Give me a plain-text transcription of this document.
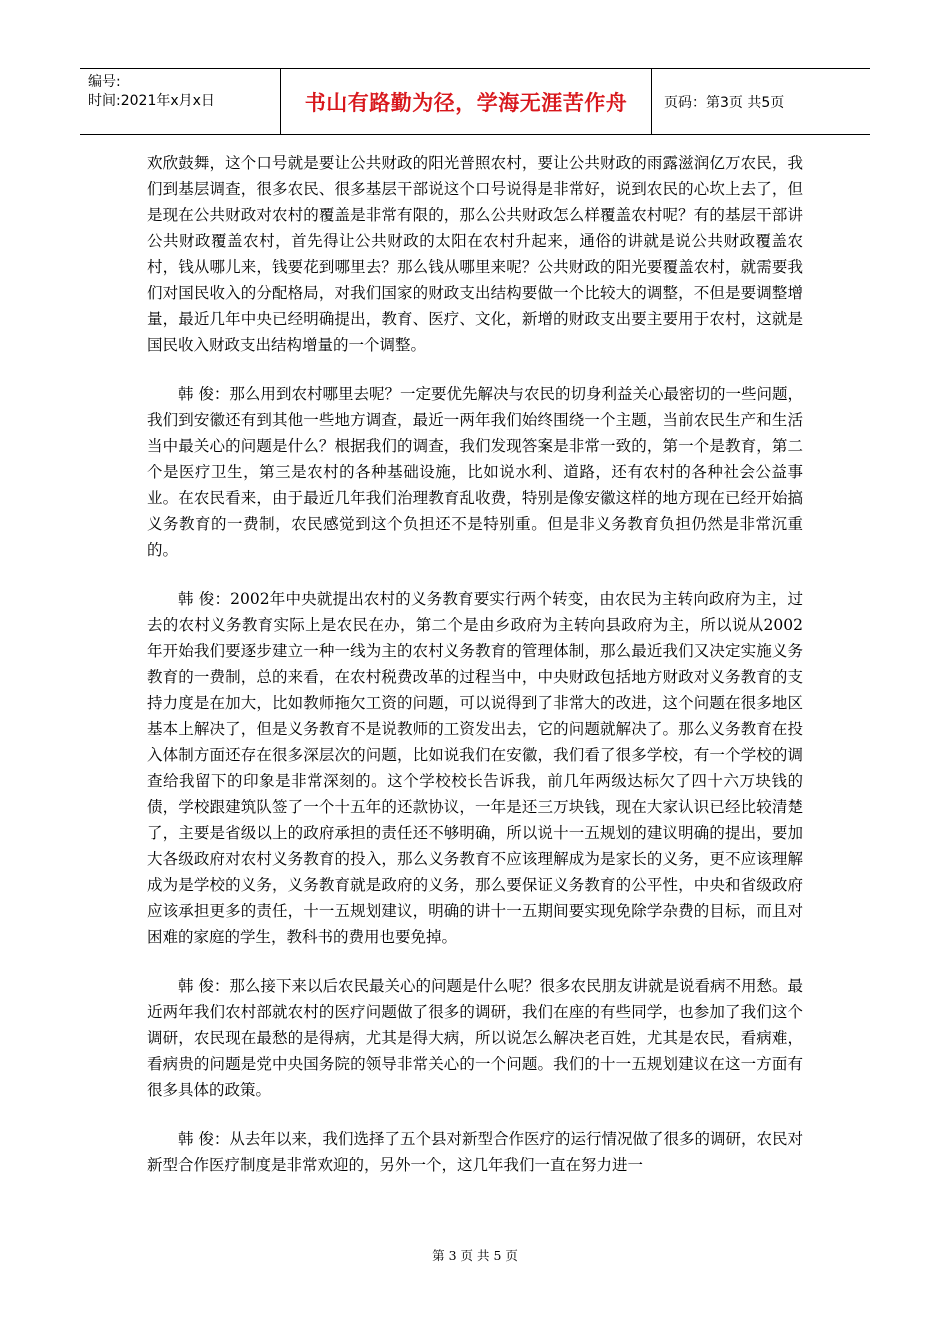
编号:
时间:2021年x月x日	书山有路勤为径，学海无涯苦作舟	页码：第3页 共5页

欢欣鼓舞，这个口号就是要让公共财政的阳光普照农村，要让公共财政的雨露滋润亿万农民，我们到基层调查，很多农民、很多基层干部说这个口号说得是非常好，说到农民的心坎上去了，但是现在公共财政对农村的覆盖是非常有限的，那么公共财政怎么样覆盖农村呢？有的基层干部讲公共财政覆盖农村，首先得让公共财政的太阳在农村升起来，通俗的讲就是说公共财政覆盖农村，钱从哪儿来，钱要花到哪里去？那么钱从哪里来呢？公共财政的阳光要覆盖农村，就需要我们对国民收入的分配格局，对我们国家的财政支出结构要做一个比较大的调整，不但是要调整增量，最近几年中央已经明确提出，教育、医疗、文化，新增的财政支出要主要用于农村，这就是国民收入财政支出结构增量的一个调整。

韩 俊：那么用到农村哪里去呢？一定要优先解决与农民的切身利益关心最密切的一些问题，我们到安徽还有到其他一些地方调查，最近一两年我们始终围绕一个主题，当前农民生产和生活当中最关心的问题是什么？根据我们的调查，我们发现答案是非常一致的，第一个是教育，第二个是医疗卫生，第三是农村的各种基础设施，比如说水利、道路，还有农村的各种社会公益事业。在农民看来，由于最近几年我们治理教育乱收费，特别是像安徽这样的地方现在已经开始搞义务教育的一费制，农民感觉到这个负担还不是特别重。但是非义务教育负担仍然是非常沉重的。

韩 俊：2002年中央就提出农村的义务教育要实行两个转变，由农民为主转向政府为主，过去的农村义务教育实际上是农民在办，第二个是由乡政府为主转向县政府为主，所以说从2002年开始我们要逐步建立一种一线为主的农村义务教育的管理体制，那么最近我们又决定实施义务教育的一费制，总的来看，在农村税费改革的过程当中，中央财政包括地方财政对义务教育的支持力度是在加大，比如教师拖欠工资的问题，可以说得到了非常大的改进，这个问题在很多地区基本上解决了，但是义务教育不是说教师的工资发出去，它的问题就解决了。那么义务教育在投入体制方面还存在很多深层次的问题，比如说我们在安徽，我们看了很多学校，有一个学校的调查给我留下的印象是非常深刻的。这个学校校长告诉我，前几年两级达标欠了四十六万块钱的债，学校跟建筑队签了一个十五年的还款协议，一年是还三万块钱，现在大家认识已经比较清楚了，主要是省级以上的政府承担的责任还不够明确，所以说十一五规划的建议明确的提出，要加大各级政府对农村义务教育的投入，那么义务教育不应该理解成为是家长的义务，更不应该理解成为是学校的义务，义务教育就是政府的义务，那么要保证义务教育的公平性，中央和省级政府应该承担更多的责任，十一五规划建议，明确的讲十一五期间要实现免除学杂费的目标，而且对困难的家庭的学生，教科书的费用也要免掉。

韩 俊：那么接下来以后农民最关心的问题是什么呢？很多农民朋友讲就是说看病不用愁。最近两年我们农村部就农村的医疗问题做了很多的调研，我们在座的有些同学，也参加了我们这个调研，农民现在最愁的是得病，尤其是得大病，所以说怎么解决老百姓，尤其是农民，看病难，看病贵的问题是党中央国务院的领导非常关心的一个问题。我们的十一五规划建议在这一方面有很多具体的政策。

韩 俊：从去年以来，我们选择了五个县对新型合作医疗的运行情况做了很多的调研，农民对新型合作医疗制度是非常欢迎的，另外一个，这几年我们一直在努力进一

第 3 页 共 5 页
